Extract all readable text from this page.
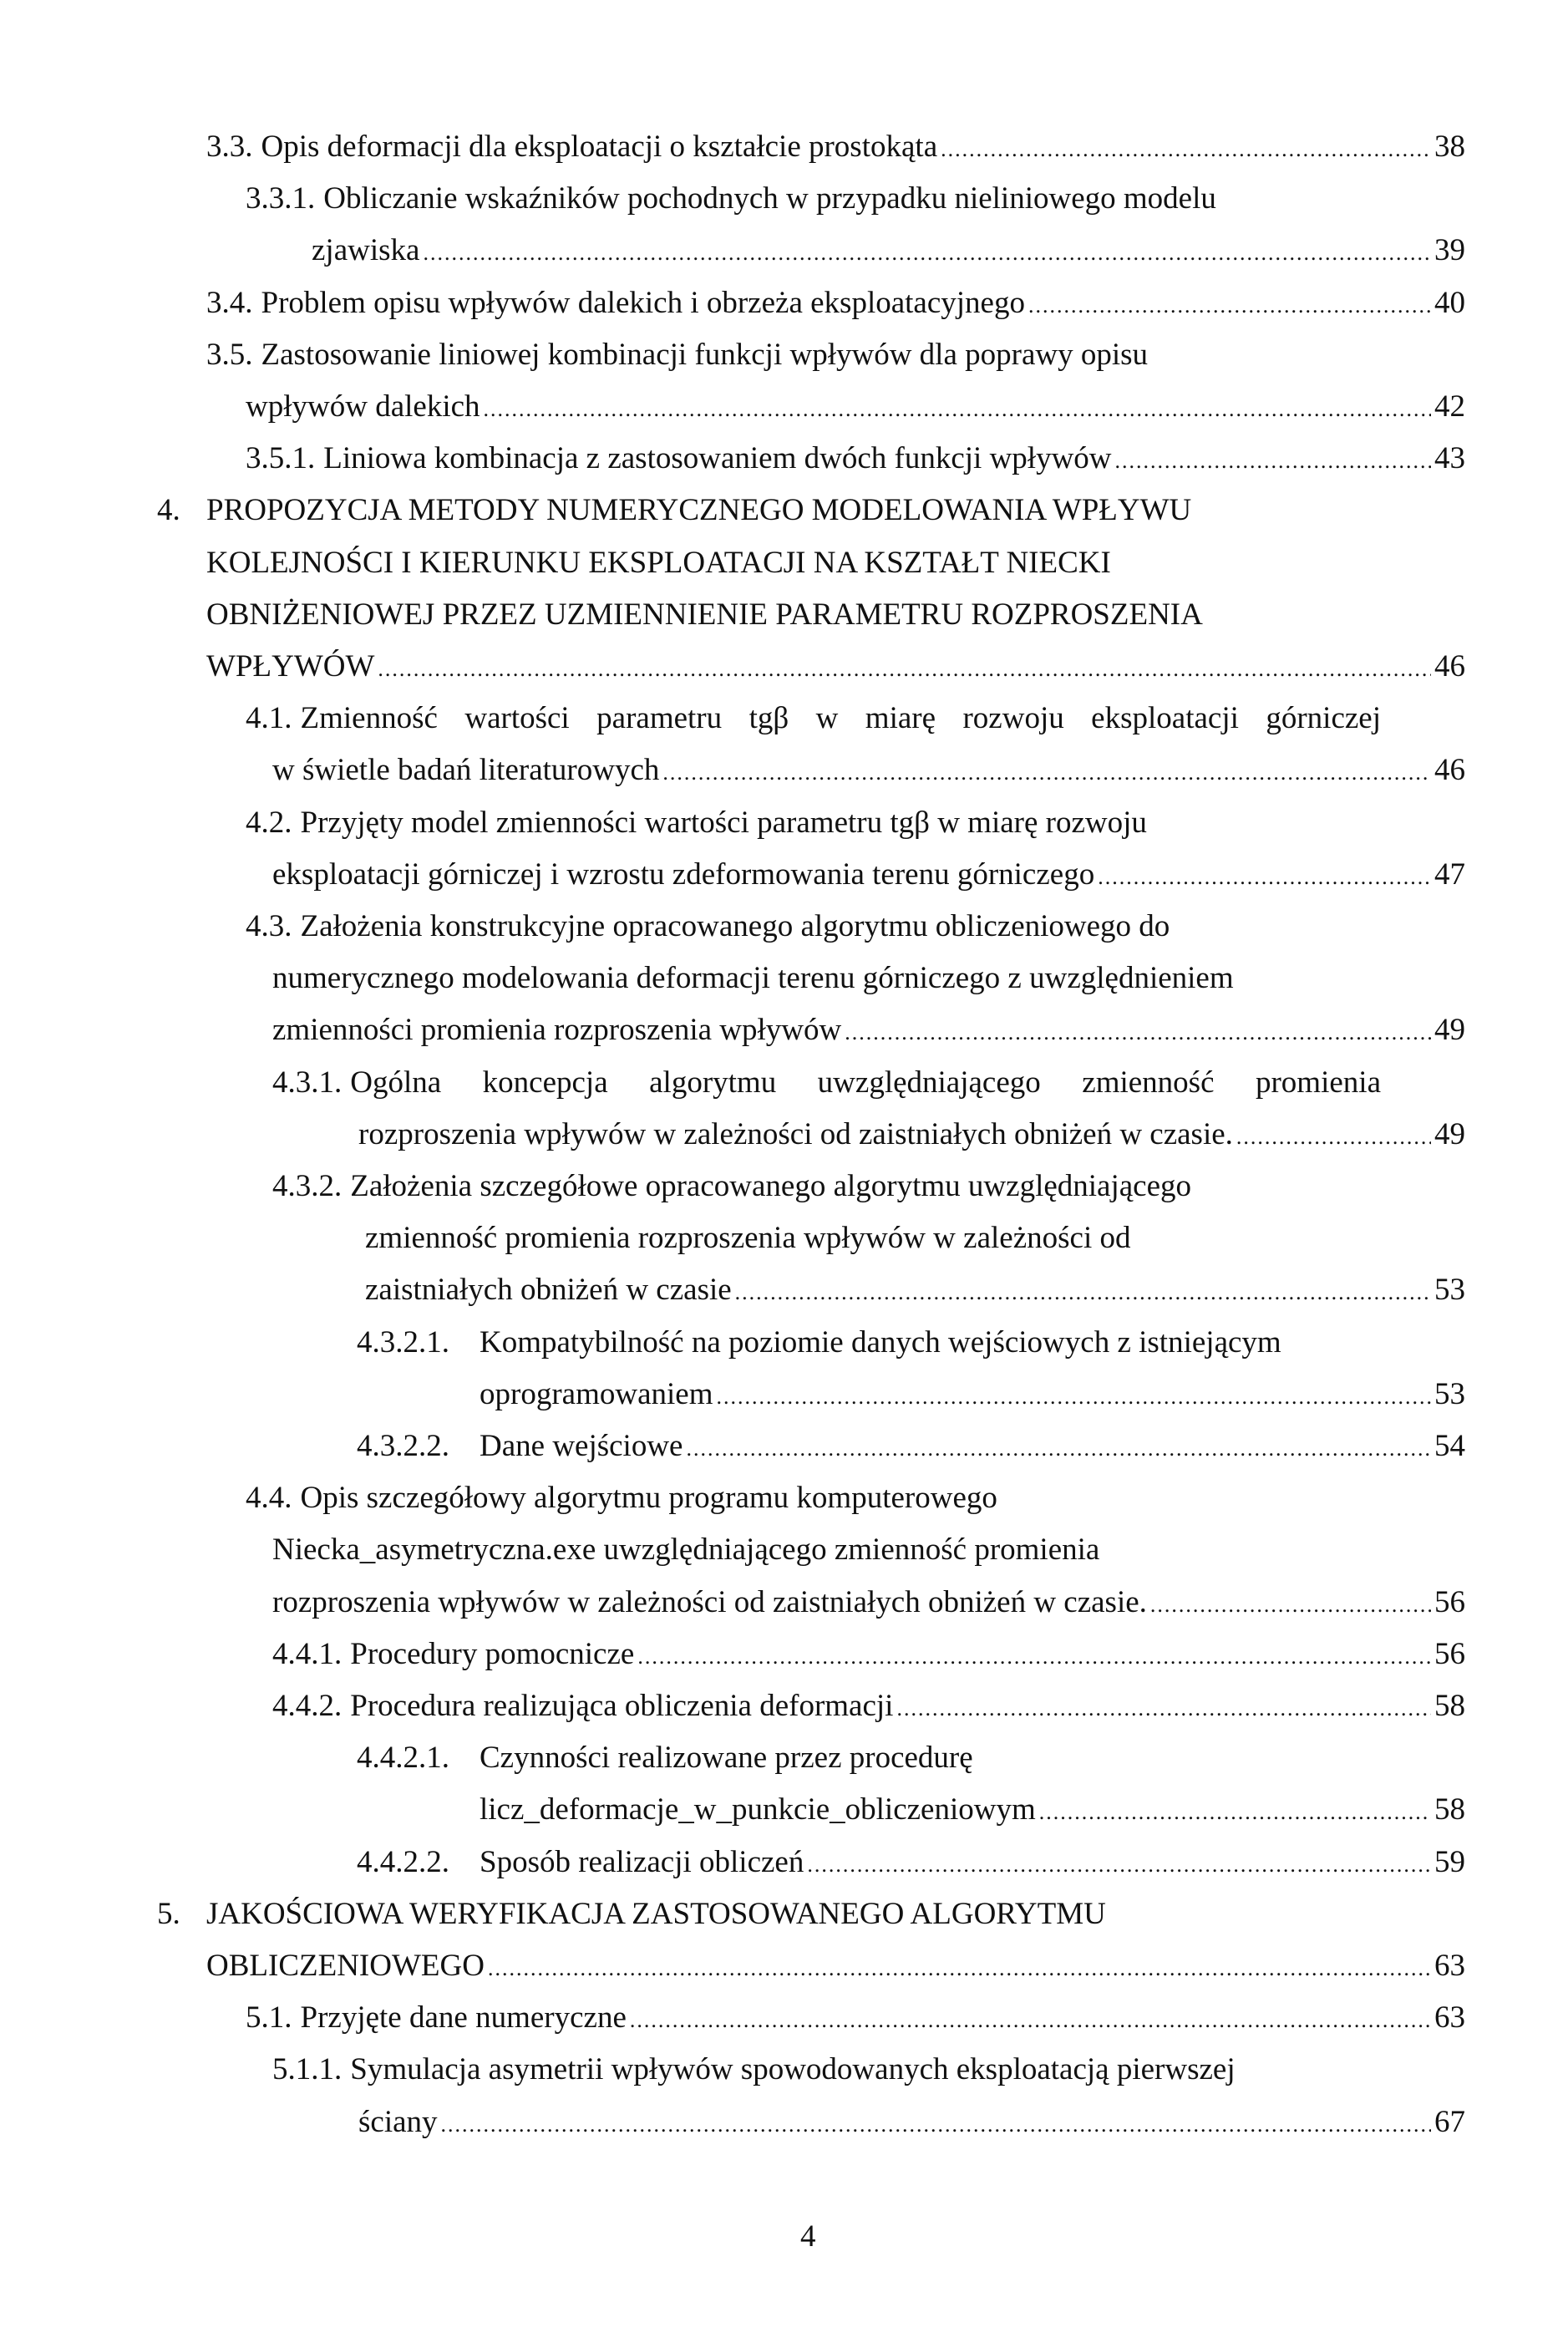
3.3. Opis deformacji dla eksploatacji o kształcie prostokąta .....	38
3.3.1. Obliczanie wskaźników pochodnych w przypadku nieliniowego modelu
zjawiska .....	39
3.4. Problem opisu wpływów dalekich i obrzeża eksploatacyjnego .....	40
3.5. Zastosowanie liniowej kombinacji funkcji wpływów dla poprawy opisu
wpływów dalekich .....	42
3.5.1. Liniowa kombinacja z zastosowaniem dwóch funkcji wpływów .....	43
4. PROPOZYCJA METODY NUMERYCZNEGO MODELOWANIA WPŁYWU
KOLEJNOŚCI I KIERUNKU EKSPLOATACJI NA KSZTAŁT NIECKI
OBNIŻENIOWEJ PRZEZ UZMIENNIENIE PARAMETRU ROZPROSZENIA
WPŁYWÓW .....	46
4.1. Zmienność wartości parametru tgβ w miarę rozwoju eksploatacji górniczej
w świetle badań literaturowych .....	46
4.2. Przyjęty model zmienności wartości parametru tgβ w miarę rozwoju
eksploatacji górniczej i wzrostu zdeformowania terenu górniczego .....	47
4.3. Założenia konstrukcyjne opracowanego algorytmu obliczeniowego do
numerycznego modelowania deformacji terenu górniczego z uwzględnieniem
zmienności promienia rozproszenia wpływów .....	49
4.3.1. Ogólna koncepcja algorytmu uwzględniającego zmienność promienia
rozproszenia wpływów w zależności od zaistniałych obniżeń w czasie. .....	49
4.3.2. Założenia szczegółowe opracowanego algorytmu uwzględniającego
zmienność promienia rozproszenia wpływów w zależności od
zaistniałych obniżeń w czasie .....	53
4.3.2.1. Kompatybilność na poziomie danych wejściowych z istniejącym
oprogramowaniem .....	53
4.3.2.2. Dane wejściowe .....	54
4.4. Opis szczegółowy algorytmu programu komputerowego
Niecka_asymetryczna.exe uwzględniającego zmienność promienia
rozproszenia wpływów w zależności od zaistniałych obniżeń w czasie. .....	56
4.4.1. Procedury pomocnicze .....	56
4.4.2. Procedura realizująca obliczenia deformacji .....	58
4.4.2.1. Czynności realizowane przez procedurę
licz_deformacje_w_punkcie_obliczeniowym .....	58
4.4.2.2. Sposób realizacji obliczeń .....	59
5. JAKOŚCIOWA WERYFIKACJA ZASTOSOWANEGO ALGORYTMU
OBLICZENIOWEGO .....	63
5.1. Przyjęte dane numeryczne .....	63
5.1.1. Symulacja asymetrii wpływów spowodowanych eksploatacją pierwszej
ściany .....	67
4
